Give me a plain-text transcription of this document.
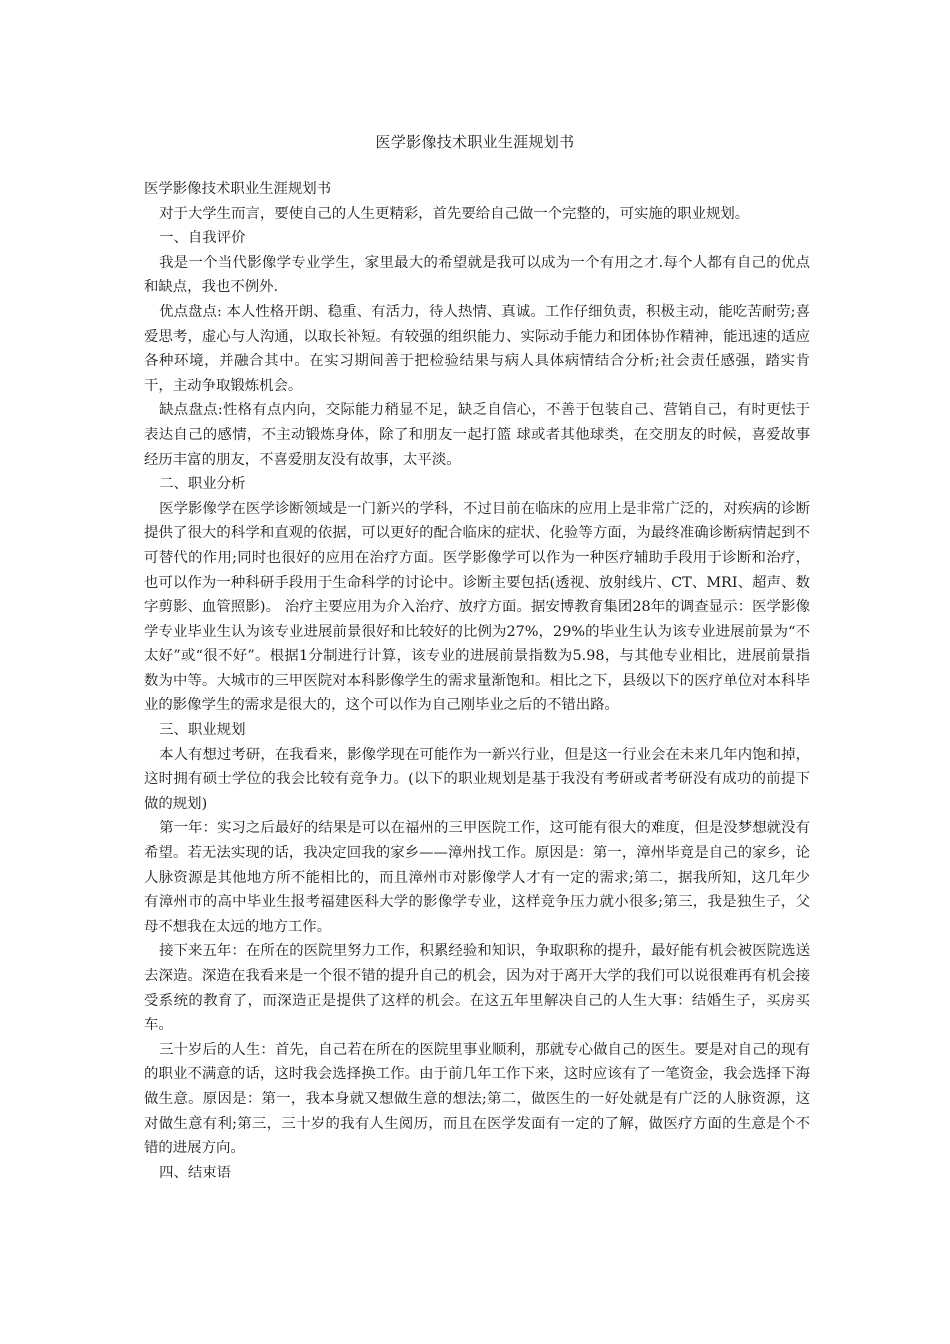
医学影像技术职业生涯规划书

医学影像技术职业生涯规划书

对于大学生而言，要使自己的人生更精彩，首先要给自己做一个完整的，可实施的职业规划。

一、自我评价

我是一个当代影像学专业学生，家里最大的希望就是我可以成为一个有用之才.每个人都有自己的优点和缺点，我也不例外.

优点盘点: 本人性格开朗、稳重、有活力，待人热情、真诚。工作仔细负责，积极主动，能吃苦耐劳;喜爱思考，虚心与人沟通，以取长补短。有较强的组织能力、实际动手能力和团体协作精神，能迅速的适应各种环境，并融合其中。在实习期间善于把检验结果与病人具体病情结合分析;社会责任感强，踏实肯干，主动争取锻炼机会。

缺点盘点:性格有点内向，交际能力稍显不足，缺乏自信心，不善于包装自己、营销自己，有时更怯于表达自己的感情，不主动锻炼身体，除了和朋友一起打篮 球或者其他球类，在交朋友的时候，喜爱故事经历丰富的朋友，不喜爱朋友没有故事，太平淡。

二、职业分析

医学影像学在医学诊断领域是一门新兴的学科，不过目前在临床的应用上是非常广泛的，对疾病的诊断提供了很大的科学和直观的依据，可以更好的配合临床的症状、化验等方面，为最终准确诊断病情起到不可替代的作用;同时也很好的应用在治疗方面。医学影像学可以作为一种医疗辅助手段用于诊断和治疗，也可以作为一种科研手段用于生命科学的讨论中。诊断主要包括(透视、放射线片、CT、MRI、超声、数字剪影、血管照影)。 治疗主要应用为介入治疗、放疗方面。据安博教育集团28年的调查显示：医学影像学专业毕业生认为该专业进展前景很好和比较好的比例为27%，29%的毕业生认为该专业进展前景为“不太好”或“很不好”。根据1分制进行计算，该专业的进展前景指数为5.98，与其他专业相比，进展前景指数为中等。大城市的三甲医院对本科影像学生的需求量渐饱和。相比之下，县级以下的医疗单位对本科毕业的影像学生的需求是很大的，这个可以作为自己刚毕业之后的不错出路。

三、职业规划

本人有想过考研，在我看来，影像学现在可能作为一新兴行业，但是这一行业会在未来几年内饱和掉，这时拥有硕士学位的我会比较有竞争力。(以下的职业规划是基于我没有考研或者考研没有成功的前提下做的规划)

第一年：实习之后最好的结果是可以在福州的三甲医院工作，这可能有很大的难度，但是没梦想就没有希望。若无法实现的话，我决定回我的家乡——漳州找工作。原因是：第一，漳州毕竟是自己的家乡，论人脉资源是其他地方所不能相比的，而且漳州市对影像学人才有一定的需求;第二，据我所知，这几年少有漳州市的高中毕业生报考福建医科大学的影像学专业，这样竞争压力就小很多;第三，我是独生子，父母不想我在太远的地方工作。

接下来五年：在所在的医院里努力工作，积累经验和知识，争取职称的提升，最好能有机会被医院选送去深造。深造在我看来是一个很不错的提升自己的机会，因为对于离开大学的我们可以说很难再有机会接受系统的教育了，而深造正是提供了这样的机会。在这五年里解决自己的人生大事：结婚生子，买房买车。

三十岁后的人生：首先，自己若在所在的医院里事业顺利，那就专心做自己的医生。要是对自己的现有的职业不满意的话，这时我会选择换工作。由于前几年工作下来，这时应该有了一笔资金，我会选择下海做生意。原因是：第一，我本身就又想做生意的想法;第二，做医生的一好处就是有广泛的人脉资源，这对做生意有利;第三，三十岁的我有人生阅历，而且在医学发面有一定的了解，做医疗方面的生意是个不错的进展方向。

四、结束语
